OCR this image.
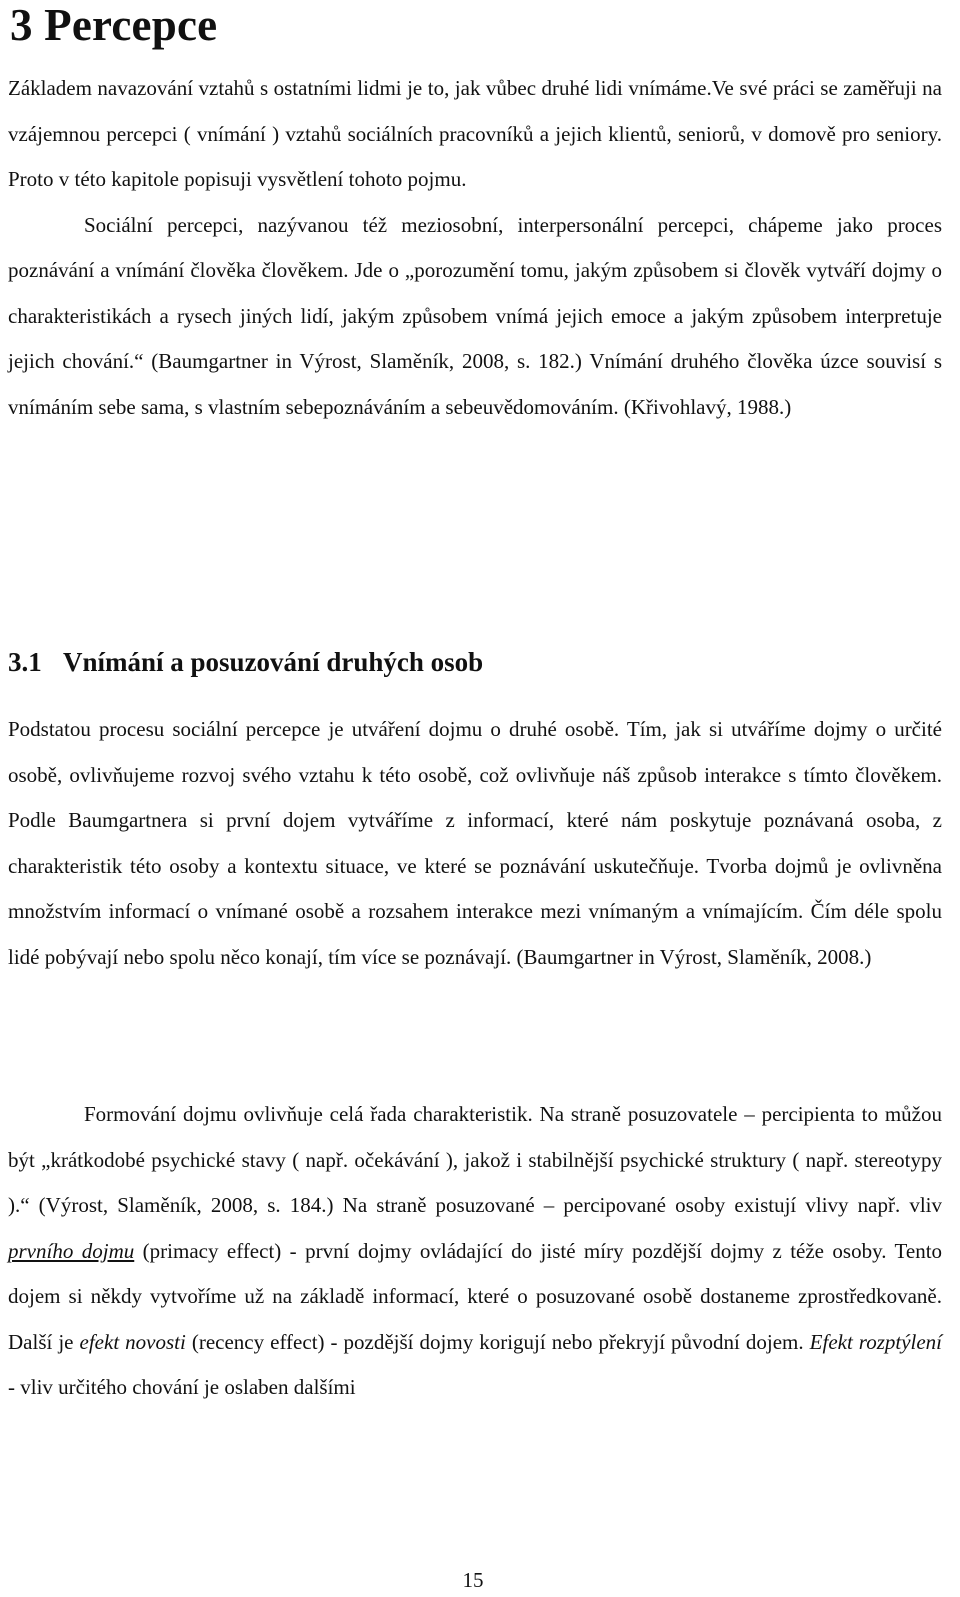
3 Percepce
Základem navazování vztahů s ostatními lidmi je to, jak vůbec druhé lidi vnímáme.Ve své práci se zaměřuji na vzájemnou percepci ( vnímání ) vztahů sociálních pracovníků a jejich klientů, seniorů, v domově pro seniory. Proto v této kapitole popisuji vysvětlení tohoto pojmu.
Sociální percepci, nazývanou též meziosobní, interpersonální percepci, chápeme jako proces poznávání a vnímání člověka člověkem. Jde o „porozumění tomu, jakým způsobem si člověk vytváří dojmy o charakteristikách a rysech jiných lidí, jakým způsobem vnímá jejich emoce a jakým způsobem interpretuje jejich chování.“ (Baumgartner in Výrost, Slaměník, 2008, s. 182.) Vnímání druhého člověka úzce souvisí s vnímáním sebe sama, s vlastním sebepoznáváním a sebeuvědomováním. (Křivohlavý, 1988.)
3.1 Vnímání a posuzování druhých osob
Podstatou procesu sociální percepce je utváření dojmu o druhé osobě. Tím, jak si utváříme dojmy o určité osobě, ovlivňujeme rozvoj svého vztahu k této osobě, což ovlivňuje náš způsob interakce s tímto člověkem. Podle Baumgartnera si první dojem vytváříme z informací, které nám poskytuje poznávaná osoba, z charakteristik této osoby a kontextu situace, ve které se poznávání uskutečňuje. Tvorba dojmů je ovlivněna množstvím informací o vnímané osobě a rozsahem interakce mezi vnímaným a vnímajícím. Čím déle spolu lidé pobývají nebo spolu něco konají, tím více se poznávají. (Baumgartner in Výrost, Slaměník, 2008.)
Formování dojmu ovlivňuje celá řada charakteristik. Na straně posuzovatele – percipienta to můžou být „krátkodobé psychické stavy ( např. očekávání ), jakož i stabilnější psychické struktury ( např. stereotypy ).“ (Výrost, Slaměník, 2008, s. 184.) Na straně posuzované – percipované osoby existují vlivy např. vliv prvního dojmu (primacy effect) - první dojmy ovládající do jisté míry pozdější dojmy z téže osoby. Tento dojem si někdy vytvoříme už na základě informací, které o posuzované osobě dostaneme zprostředkovaně. Další je efekt novosti (recency effect) - pozdější dojmy korigují nebo překryjí původní dojem. Efekt rozptýlení - vliv určitého chování je oslaben dalšími
15
